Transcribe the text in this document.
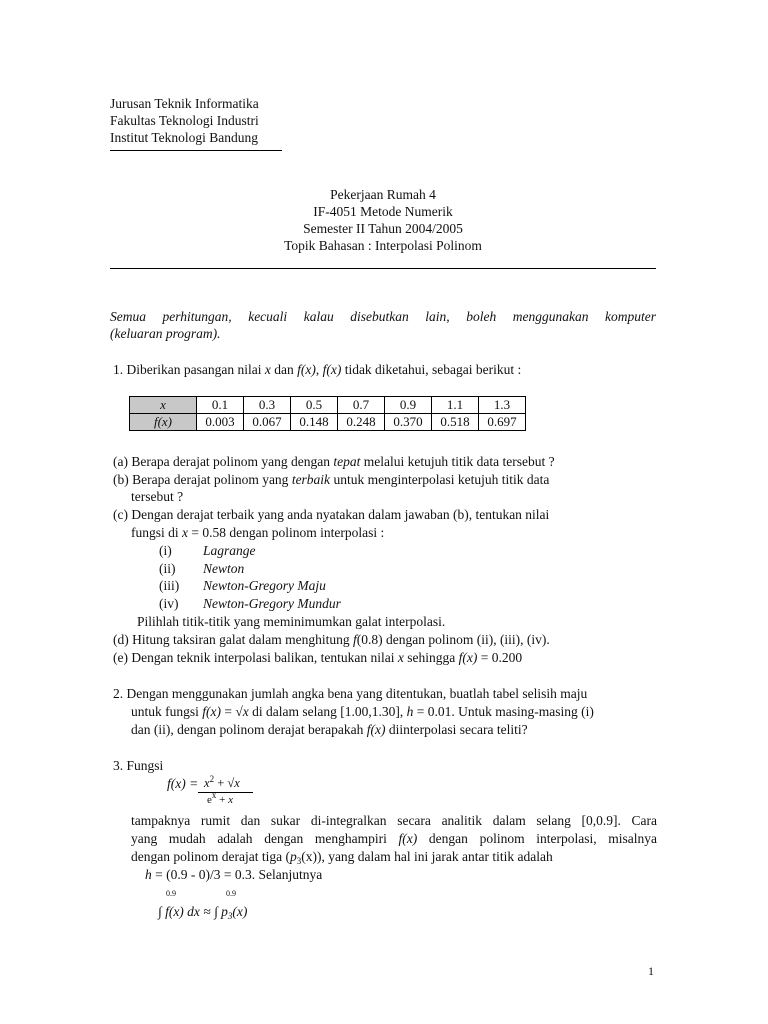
Jurusan Teknik Informatika
Fakultas Teknologi Industri
Institut Teknologi Bandung
Pekerjaan Rumah 4
IF-4051 Metode Numerik
Semester II Tahun 2004/2005
Topik Bahasan : Interpolasi Polinom
Semua perhitungan, kecuali kalau disebutkan lain, boleh menggunakan komputer
(keluaran program).
1. Diberikan pasangan nilai x dan f(x), f(x) tidak diketahui, sebagai berikut :
x	0.1	0.3	0.5	0.7	0.9	1.1	1.3
f(x)	0.003	0.067	0.148	0.248	0.370	0.518	0.697
(a) Berapa derajat polinom yang dengan tepat melalui ketujuh titik data tersebut ?
(b) Berapa derajat polinom yang terbaik untuk menginterpolasi ketujuh titik data
tersebut ?
(c) Dengan derajat terbaik yang anda nyatakan dalam jawaban (b), tentukan nilai
fungsi di x = 0.58 dengan polinom interpolasi :
(i) Lagrange
(ii) Newton
(iii) Newton-Gregory Maju
(iv) Newton-Gregory Mundur
Pilihlah titik-titik yang meminimumkan galat interpolasi.
(d) Hitung taksiran galat dalam menghitung f(0.8) dengan polinom (ii), (iii), (iv).
(e) Dengan teknik interpolasi balikan, tentukan nilai x sehingga f(x) = 0.200
2. Dengan menggunakan jumlah angka bena yang ditentukan, buatlah tabel selisih maju
untuk fungsi f(x) = √x di dalam selang [1.00,1.30], h = 0.01. Untuk masing-masing (i)
dan (ii), dengan polinom derajat berapakah f(x) diinterpolasi secara teliti?
3. Fungsi
$f(x) = x^2 + √x$
$e^x + x$
tampaknya rumit dan sukar di-integralkan secara analitik dalam selang [0,0.9]. Cara
yang mudah adalah dengan menghampiri f(x) dengan polinom interpolasi, misalnya
dengan polinom derajat tiga $(p_3(x))$, yang dalam hal ini jarak antar titik adalah
h = (0.9 - 0)/3 = 0.3. Selanjutnya
0.9	0.9
∫ f(x) dx ≈ ∫ $p_3(x)$
1
